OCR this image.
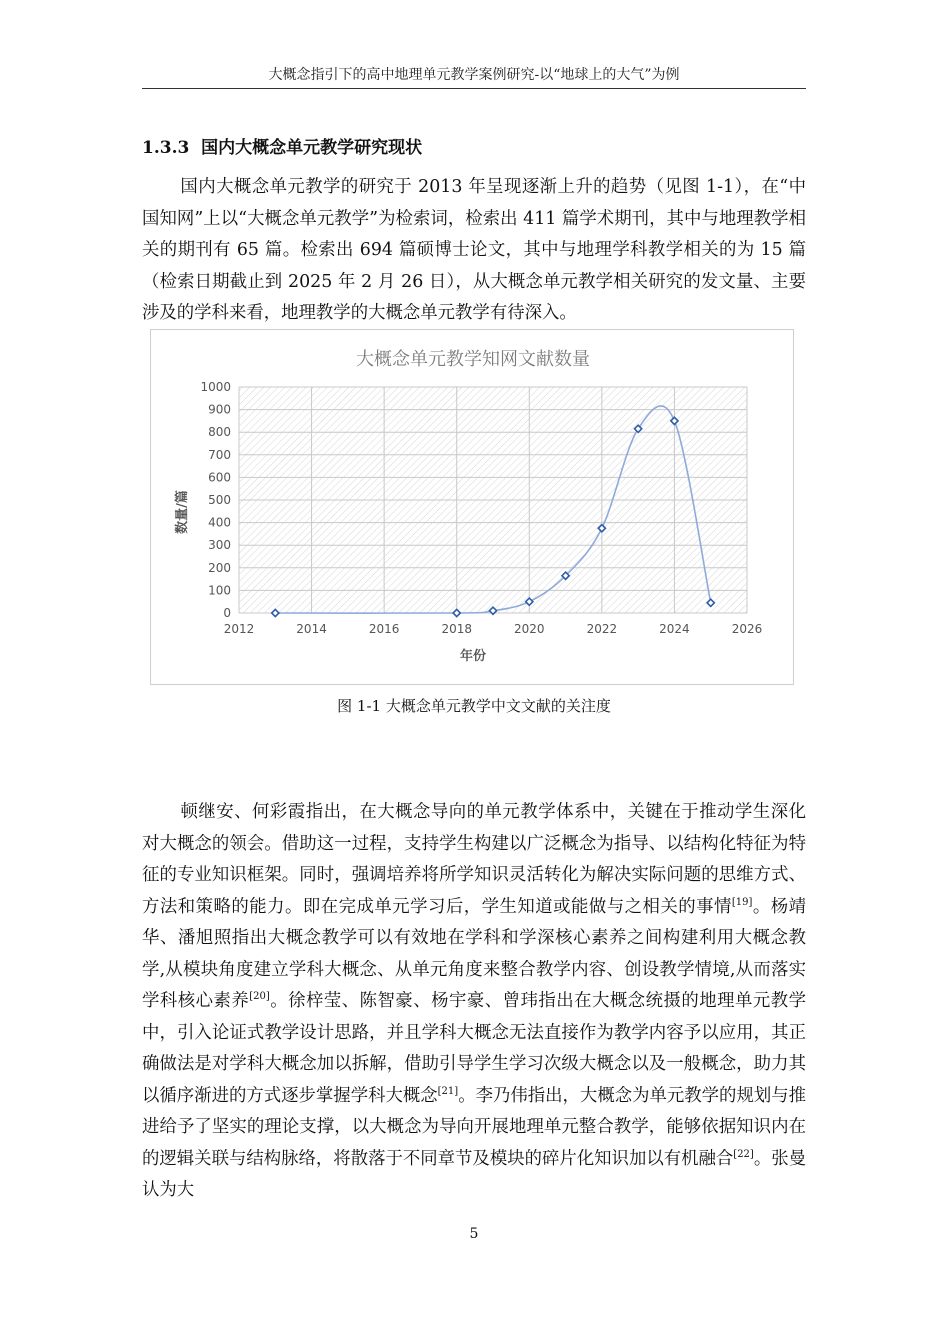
大概念指引下的高中地理单元教学案例研究-以“地球上的大气”为例
1.3.3 国内大概念单元教学研究现状

国内大概念单元教学的研究于 2013 年呈现逐渐上升的趋势（见图 1-1），在“中国知网”上以“大概念单元教学”为检索词，检索出 411 篇学术期刊，其中与地理教学相关的期刊有 65 篇。检索出 694 篇硕博士论文，其中与地理学科教学相关的为 15 篇（检索日期截止到 2025 年 2 月 26 日），从大概念单元教学相关研究的发文量、主要涉及的学科来看，地理教学的大概念单元教学有待深入。

大概念单元教学知网文献数量
0
100
200
300
400
500
600
700
800
900
1000
2012	2014	2016	2018	2020	2022	2024	2026
数量/篇
年份
图 1-1 大概念单元教学中文文献的关注度

顿继安、何彩霞指出，在大概念导向的单元教学体系中，关键在于推动学生深化对大概念的领会。借助这一过程，支持学生构建以广泛概念为指导、以结构化特征为特征的专业知识框架。同时，强调培养将所学知识灵活转化为解决实际问题的思维方式、方法和策略的能力。即在完成单元学习后，学生知道或能做与之相关的事情[19]。杨靖华、潘旭照指出大概念教学可以有效地在学科和学深核心素养之间构建利用大概念教学,从模块角度建立学科大概念、从单元角度来整合教学内容、创设教学情境,从而落实学科核心素养[20]。徐梓莹、陈智豪、杨宇豪、曾玮指出在大概念统摄的地理单元教学中，引入论证式教学设计思路，并且学科大概念无法直接作为教学内容予以应用，其正确做法是对学科大概念加以拆解，借助引导学生学习次级大概念以及一般概念，助力其以循序渐进的方式逐步掌握学科大概念[21]。李乃伟指出，大概念为单元教学的规划与推进给予了坚实的理论支撑，以大概念为导向开展地理单元整合教学，能够依据知识内在的逻辑关联与结构脉络，将散落于不同章节及模块的碎片化知识加以有机融合[22]。张曼认为大

5
